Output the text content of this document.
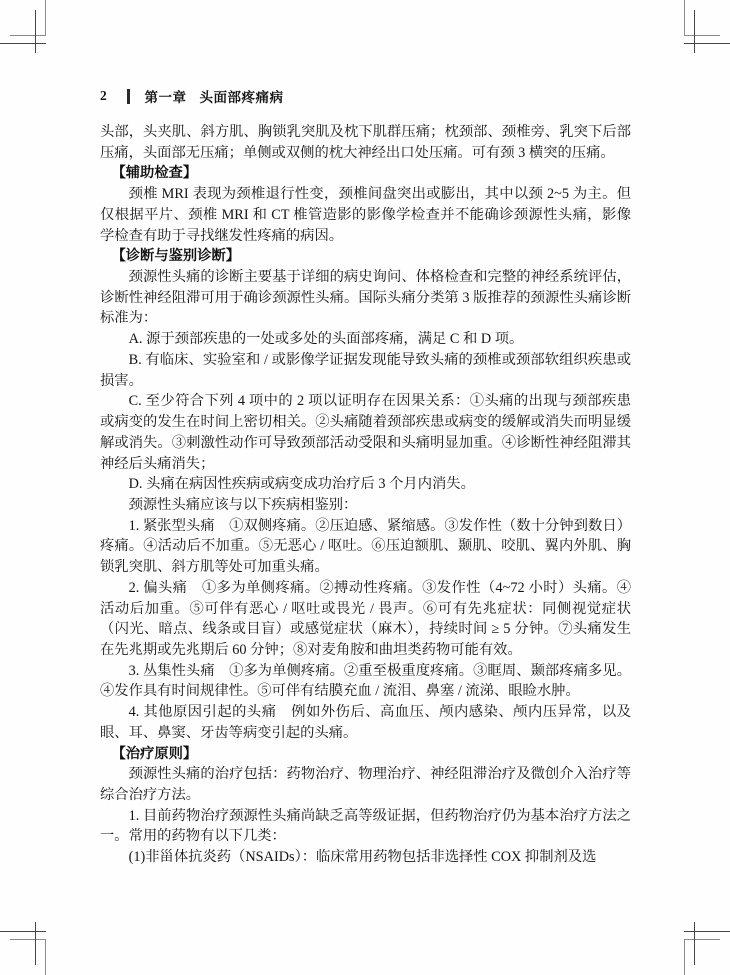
2	第一章 头面部疼痛病

头部，头夹肌、斜方肌、胸锁乳突肌及枕下肌群压痛；枕颈部、颈椎旁、乳突下后部压痛，头面部无压痛；单侧或双侧的枕大神经出口处压痛。可有颈 3 横突的压痛。

【辅助检查】

颈椎 MRI 表现为颈椎退行性变，颈椎间盘突出或膨出，其中以颈 2~5 为主。但仅根据平片、颈椎 MRI 和 CT 椎管造影的影像学检查并不能确诊颈源性头痛，影像学检查有助于寻找继发性疼痛的病因。

【诊断与鉴别诊断】

颈源性头痛的诊断主要基于详细的病史询问、体格检查和完整的神经系统评估，诊断性神经阻滞可用于确诊颈源性头痛。国际头痛分类第 3 版推荐的颈源性头痛诊断标准为：

A. 源于颈部疾患的一处或多处的头面部疼痛，满足 C 和 D 项。

B. 有临床、实验室和 / 或影像学证据发现能导致头痛的颈椎或颈部软组织疾患或损害。

C. 至少符合下列 4 项中的 2 项以证明存在因果关系：①头痛的出现与颈部疾患或病变的发生在时间上密切相关。②头痛随着颈部疾患或病变的缓解或消失而明显缓解或消失。③刺激性动作可导致颈部活动受限和头痛明显加重。④诊断性神经阻滞其神经后头痛消失；

D. 头痛在病因性疾病或病变成功治疗后 3 个月内消失。

颈源性头痛应该与以下疾病相鉴别：

1. 紧张型头痛　①双侧疼痛。②压迫感、紧缩感。③发作性（数十分钟到数日）疼痛。④活动后不加重。⑤无恶心 / 呕吐。⑥压迫额肌、颞肌、咬肌、翼内外肌、胸锁乳突肌、斜方肌等处可加重头痛。

2. 偏头痛　①多为单侧疼痛。②搏动性疼痛。③发作性（4~72 小时）头痛。④活动后加重。⑤可伴有恶心 / 呕吐或畏光 / 畏声。⑥可有先兆症状：同侧视觉症状（闪光、暗点、线条或目盲）或感觉症状（麻木），持续时间 ≥ 5 分钟。⑦头痛发生在先兆期或先兆期后 60 分钟；⑧对麦角胺和曲坦类药物可能有效。

3. 丛集性头痛　①多为单侧疼痛。②重至极重度疼痛。③眶周、颞部疼痛多见。④发作具有时间规律性。⑤可伴有结膜充血 / 流泪、鼻塞 / 流涕、眼睑水肿。

4. 其他原因引起的头痛　例如外伤后、高血压、颅内感染、颅内压异常，以及眼、耳、鼻窦、牙齿等病变引起的头痛。

【治疗原则】

颈源性头痛的治疗包括：药物治疗、物理治疗、神经阻滞治疗及微创介入治疗等综合治疗方法。

1. 目前药物治疗颈源性头痛尚缺乏高等级证据，但药物治疗仍为基本治疗方法之一。常用的药物有以下几类：

(1)非甾体抗炎药（NSAIDs）：临床常用药物包括非选择性 COX 抑制剂及选
